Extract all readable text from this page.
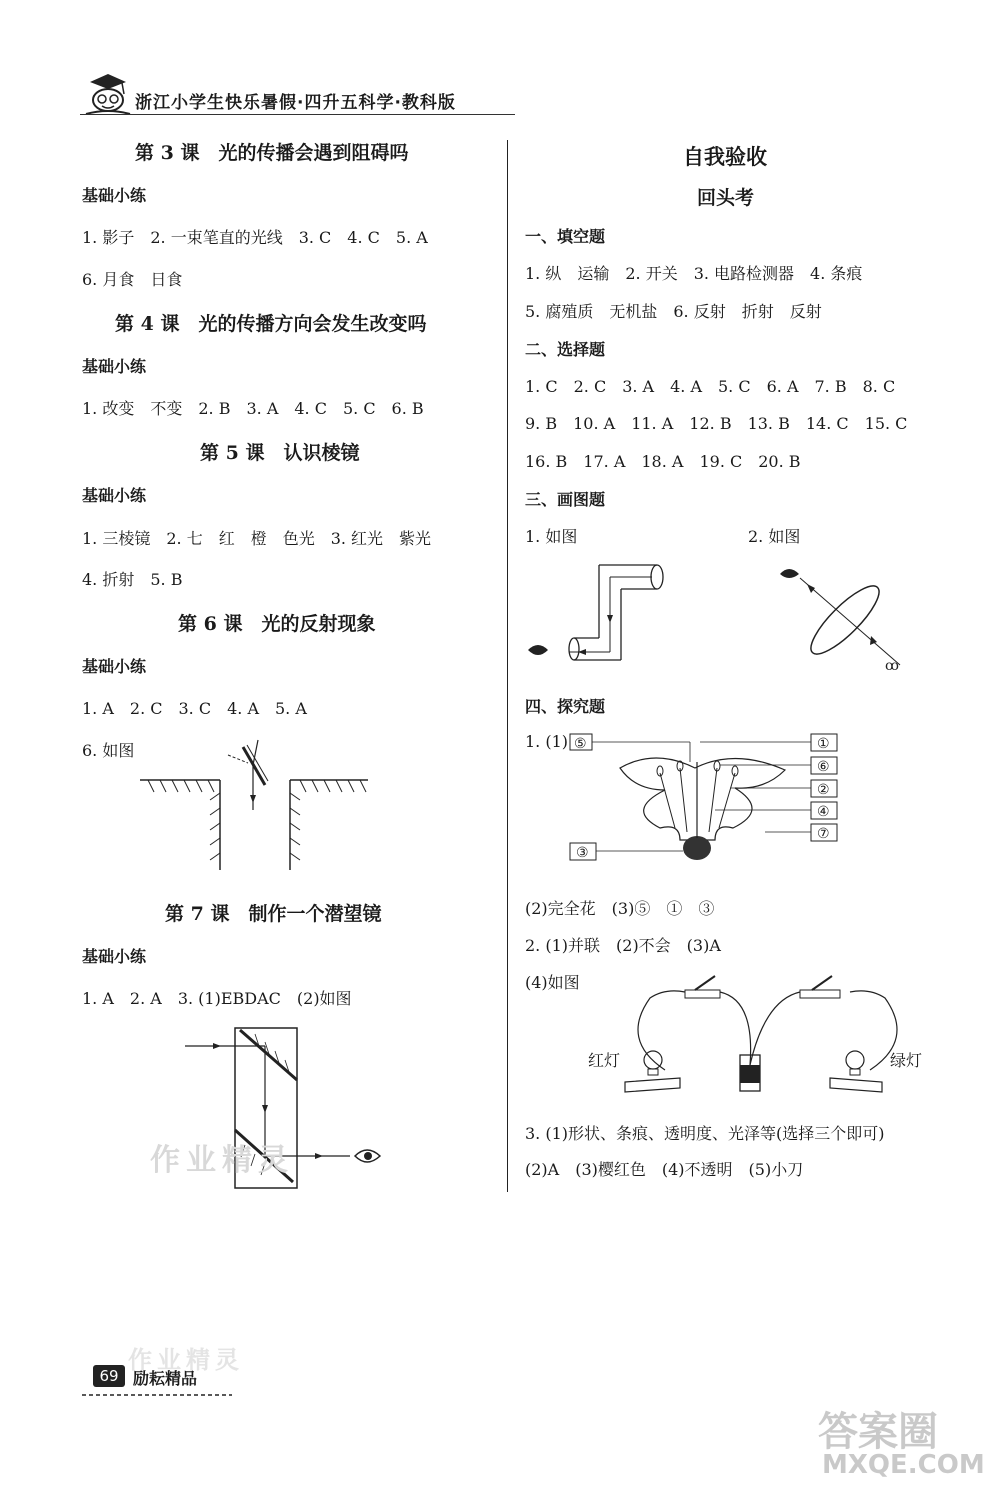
浙江小学生快乐暑假·四升五科学·教科版
第 3 课　光的传播会遇到阻碍吗
基础小练
1. 影子　2. 一束笔直的光线　3. C　4. C　5. A
6. 月食　日食
第 4 课　光的传播方向会发生改变吗
基础小练
1. 改变　不变　2. B　3. A　4. C　5. C　6. B
第 5 课　认识棱镜
基础小练
1. 三棱镜　2. 七　红　橙　色光　3. 红光　紫光
4. 折射　5. B
第 6 课　光的反射现象
基础小练
1. A　2. C　3. C　4. A　5. A
6. 如图
第 7 课　制作一个潜望镜
基础小练
1. A　2. A　3. (1)EBDAC　(2)如图
作业精灵
自我验收
回头考
一、填空题
1. 纵　运输　2. 开关　3. 电路检测器　4. 条痕
5. 腐殖质　无机盐　6. 反射　折射　反射
二、选择题
1. C　2. C　3. A　4. A　5. C　6. A　7. B　8. C
9. B　10. A　11. A　12. B　13. B　14. C　15. C
16. B　17. A　18. A　19. C　20. B
三、画图题
1. 如图	2. 如图
ꝏ
四、探究题
1. (1) ⑤	①
⑥
②
④
⑦
③
(2)完全花　(3)⑤　①　③
2. (1)并联　(2)不会　(3)A
(4)如图
红灯	绿灯
3. (1)形状、条痕、透明度、光泽等(选择三个即可)
(2)A　(3)樱红色　(4)不透明　(5)小刀
69 励耘精品
作业精灵
答案圈
MXQE.COM
